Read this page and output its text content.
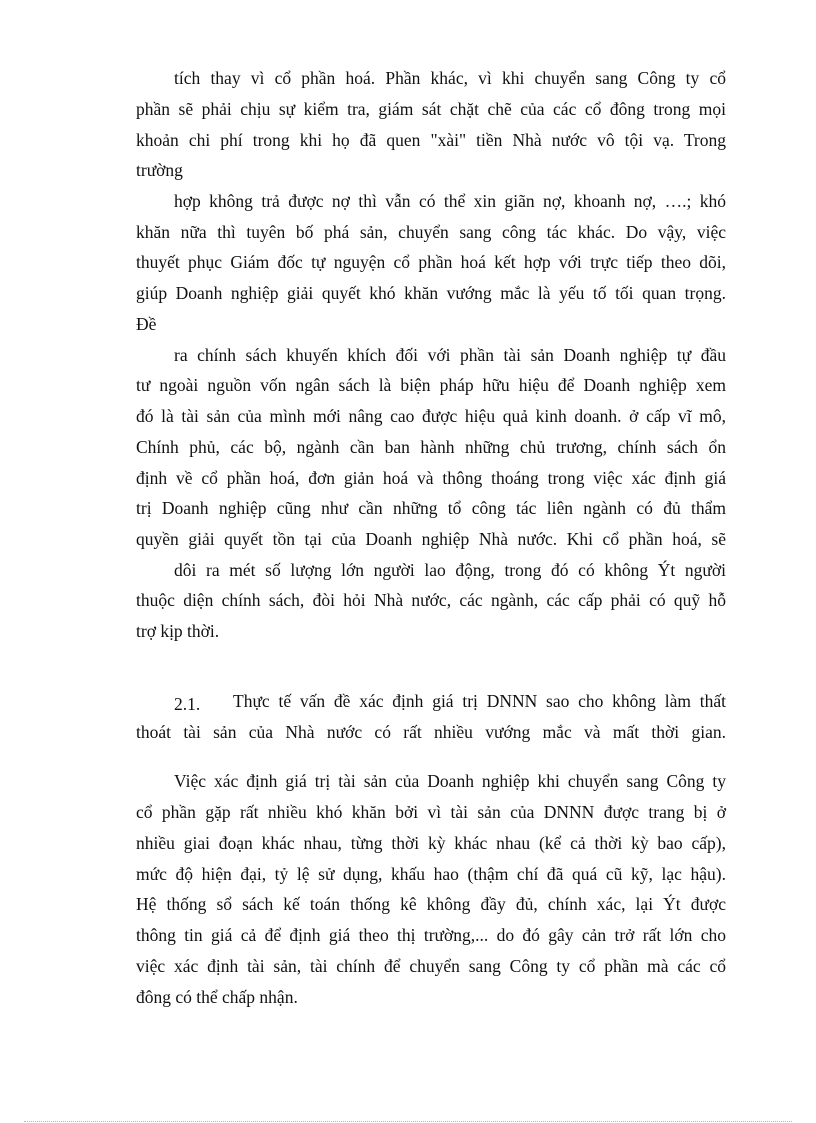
tích thay vì cổ phần hoá. Phần khác, vì khi chuyển sang Công ty cổ
phần sẽ phải chịu sự kiểm tra, giám sát chặt chẽ của các cổ đông trong mọi
khoản chi phí trong khi họ đã quen "xài" tiền Nhà nước vô tội vạ. Trong
trường
hợp không trả được nợ thì vẫn có thể xin giãn nợ, khoanh nợ, ….; khó
khăn nữa thì tuyên bố phá sản, chuyển sang công tác khác. Do vậy, việc
thuyết phục Giám đốc tự nguyện cổ phần hoá kết hợp với trực tiếp theo dõi,
giúp Doanh nghiệp giải quyết khó khăn vướng mắc là yếu tố tối quan trọng.
Đề
ra chính sách khuyến khích đối với phần tài sản Doanh nghiệp tự đầu
tư ngoài nguồn vốn ngân sách là biện pháp hữu hiệu để Doanh nghiệp xem
đó là tài sản của mình mới nâng cao được hiệu quả kinh doanh. ở cấp vĩ mô,
Chính phủ, các bộ, ngành cần ban hành những chủ trương, chính sách ổn
định về cổ phần hoá, đơn giản hoá và thông thoáng trong việc xác định giá
trị Doanh nghiệp cũng như cần những tổ công tác liên ngành có đủ thẩm
quyền giải quyết tồn tại của Doanh nghiệp Nhà nước. Khi cổ phần hoá, sẽ
dôi ra mét số lượng lớn người lao động, trong đó có không Ýt người
thuộc diện chính sách, đòi hỏi Nhà nước, các ngành, các cấp phải có quỹ hỗ
trợ kịp thời.
2.1. Thực tế vấn đề xác định giá trị DNNN sao cho không làm thất
thoát tài sản của Nhà nước có rất nhiều vướng mắc và mất thời gian.
Việc xác định giá trị tài sản của Doanh nghiệp khi chuyển sang Công ty
cổ phần gặp rất nhiều khó khăn bởi vì tài sản của DNNN được trang bị ở
nhiều giai đoạn khác nhau, từng thời kỳ khác nhau (kể cả thời kỳ bao cấp),
mức độ hiện đại, tỷ lệ sử dụng, khấu hao (thậm chí đã quá cũ kỹ, lạc hậu).
Hệ thống sổ sách kế toán thống kê không đầy đủ, chính xác, lại Ýt được
thông tin giá cả để định giá theo thị trường,... do đó gây cản trở rất lớn cho
việc xác định tài sản, tài chính để chuyển sang Công ty cổ phần mà các cổ
đông có thể chấp nhận.
